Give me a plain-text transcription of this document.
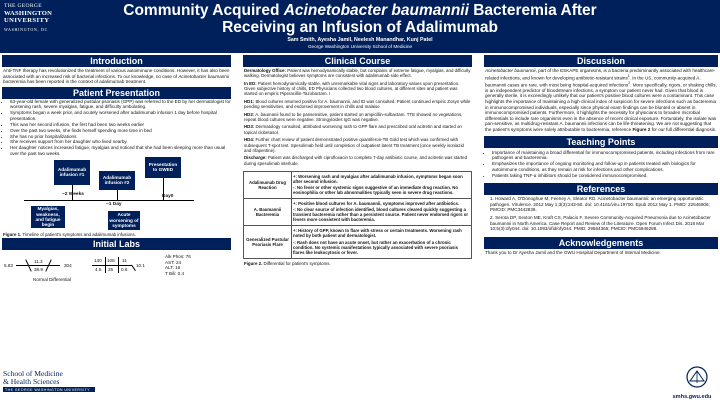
THE GEORGE
WASHINGTON
UNIVERSITY
WASHINGTON, DC
Community Acquired Acinetobacter baumannii Bacteremia After
Receiving an Infusion of Adalimumab
Sam Smith, Ayesha Jamil, Neelesh Manandhar, Kunj Patel
George Washington University School of Medicine
Introduction
Anti-TNF therapy has revolutionized the treatment of various autoimmune conditions. However, it has also been associated with an increased risk of bacterial infections. To our knowledge, no case of Acinetobacter baumannii bacteremia has been reported in the context of adalimumab treatment.
Patient Presentation
• 63-year-old female with generalized pustular psoriasis (GPP) was referred to the ED by her dermatologist for worsening rash, severe myalgias, fatigue, and difficulty ambulating.
• Symptoms began a week prior, and acutely worsened after adalimumab infusion 1 day before hospital presentation.
• This was her second infusion, the first had been two weeks earlier
• Over the past two weeks, she finds herself spending more time in bed
• She has no prior hospitalizations
• She receives support from her daughter who lived nearby.
• Her daughter notices increased fatigue, myalgias and noticed that she had been sleeping more than usual over the past two weeks.
Adalimumab infusion #1
Adalimumab infusion #2
Presentation to GWED
~2 Weeks
~1 Day
Day0
Myalgias, weakness, and fatigue begin
Acute worsening of symptoms
Figure 1. Timeline of patient's symptoms and adalimumab infusions.
Initial Labs
5.83
11.3
38.9
304
140 108 11
4.5 25 0.6
10.1
Alk Phos: 76
AST: 24
ALT: 16
T Bili: 0.4
Normal Differential
School of Medicine
& Health Sciences
THE GEORGE WASHINGTON UNIVERSITY
Clinical Course

Dermatology Office: Patient was hemodynamically stable, but complains of extreme fatigue, myalgias, and difficulty walking. Dermatologist believes symptoms are consistent with adalimumab side effect.

In ED: Patient hemodynamically stable, with unremarkable vital signs and laboratory values upon presentation. Given subjective history of chills, ED Physicians collected two blood cultures, at different sites and patient was started on empiric Piperacillin-Tazobactam. I

HD1: Blood cultures returned positive for A. baumannii, and ID was consulted. Patient continued empiric Zosyn while pending sensitivities, and endorsed improvement in chills and malaise

HD2: A. baumanii found to be pansensitive, patient started on ampicillin-sulbactam. TTE showed no vegetations, repeat blood cultures were negative. Strongyloides IgG was negative.

HD3: Dermatology consulted, attributed worsening rash to GPP flare and prescribed oral acitretin and started on topical clobetasol.

HD4: Further chart review of patient demonstrated positive quantiferon-TB Gold test which was confirmed with subsequent T-spot test. Spesolimab held until completion of outpatient latent TB treatment (once weekly isoniazid and rifapentine).

Discharge: Patient was discharged with ciprofloxacin to complete 7-day antibiotic course, and acitretin was started during spesolimab interlude.

Adalimumab Drug Reaction	+: Worsening rash and myalgias after adalimumab infusion, symptoms began soon after second infusion.

-: No fever or other systemic signs suggestive of an immediate drug reaction. No eosinophilia or other lab abnormalities typically seen in severe drug reactions.

A. Baumannii Bacteremia	+: Positive blood cultures for A. baumannii, symptoms improved after antibiotics.

-: No clear source of infection identified, blood cultures cleared quickly suggesting a transient bacteremia rather than a persistent source. Patient never endorsed rigors or fevers more consistent with bacteremia.

Generalized Pustular Psoriasis Flare	+: History of GPP, known to flare with stress or certain treatments. Worsening rash noted by both patient and dermatologist.

-: Rash does not have an acute onset, but rather an exacerbation of a chronic condition. No systemic manifestations typically associated with severe psoriasis flares like leukocytosis or fever.

Figure 2. Differential for patient's symptoms.
Discussion
Acinetobacter baumannii, part of the ESKAPE organisms, is a bacteria predominantly associated with healthcare-related infections, and known for developing antibiotic-resistant strains$^1$. In the US, community-acquired A. baumannii cases are rare, with most being hospital-acquired infections$^2$. More specifically, rigors, or shaking chills, is an independent predictor of bloodstream infections, a symptom our patient never had. Given that blood is generally sterile, it is exceedingly unlikely that our patient's positive blood cultures were a contaminant. This case highlights the importance of maintaining a high clinical index of suspicion for severe infections such as bacteremia in immunocompromised individuals, especially since physical exam findings can be blunted or absent in immunocompromised patients. Furthermore, it highlights the necessity for physicians to broaden microbial differentials to include rare organisms even in the absence of recent clinical exposure. Fortunately, the isolate was pan-sensitive, as multidrug-resistant A. baumannii infections can be life-threatening. We are not suggesting that the patient's symptoms were solely attributable to bacteremia, reference Figure 2 for our full differential diagnosis.
Teaching Points
• Importance of maintaining a broad differential for immunocompromised patients, including infections from rare pathogens and bacteremia.
• Emphasizes the importance of ongoing monitoring and follow-up in patients treated with biologics for autoimmune conditions, as they remain at risk for infections and other complications.
• Patients taking TNF-α inhibitors should be considered immunocompromised.
References

1. Howard A, O'Donoghue M, Feeney A, Sleator RD. Acinetobacter baumannii: an emerging opportunistic pathogen. Virulence. 2012 May 1;3(3):243-50. doi: 10.4161/viru.19700. Epub 2012 May 1. PMID: 22546906; PMCID: PMC3442836.

2. Serota DP, Sexton ME, Kraft CS, Palacio F. Severe Community-Acquired Pneumonia due to Acinetobacter baumannii in North America: Case Report and Review of the Literature. Open Forum Infect Dis. 2018 Mar 10;5(3):ofy044. doi: 10.1093/ofid/ofy044. PMID: 29564365; PMCID: PMC5846288.

Acknowledgements
Thank you to Dr Ayesha Jamil and the GWU Hospital Department of Internal Medicine.
smhs.gwu.edu
